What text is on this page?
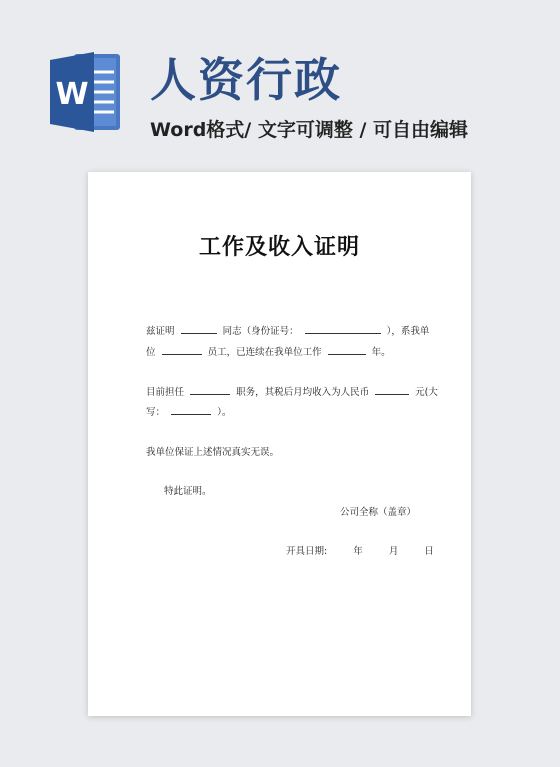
W 人资行政
Word格式/ 文字可调整 / 可自由编辑
工作及收入证明
兹证明	同志（身份证号：	），系我单
位	员工，已连续在我单位工作	年。
目前担任	职务，其税后月均收入为人民币	元(大
写：	）。
我单位保证上述情况真实无误。
特此证明。
公司全称（盖章）
开具日期:	年	月	日
